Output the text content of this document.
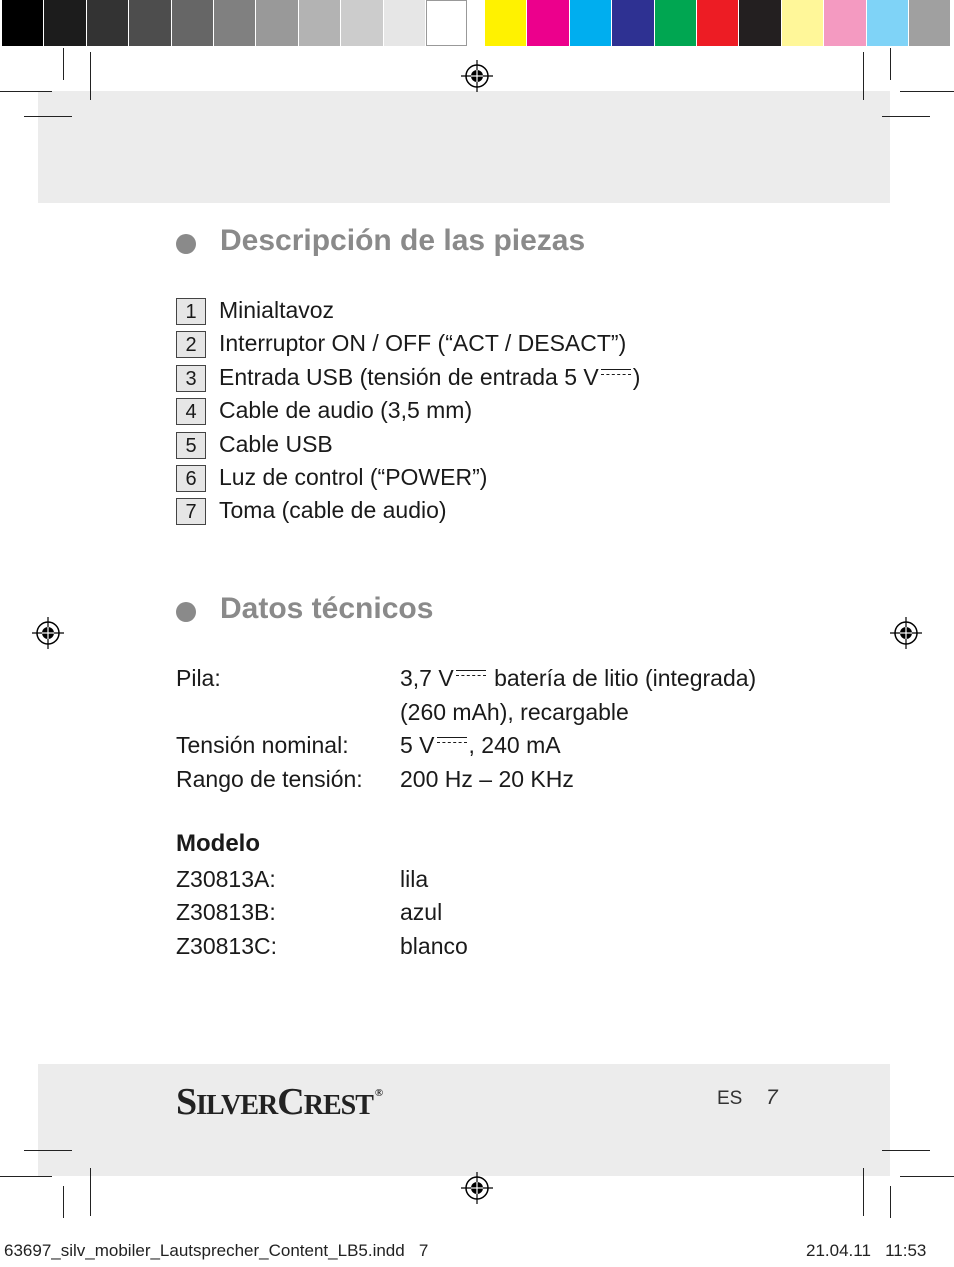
Descripción de las piezas
1 Minialtavoz
2 Interruptor ON / OFF (“ACT / DESACT”)
3 Entrada USB (tensión de entrada 5 V )
4 Cable de audio (3,5 mm)
5 Cable USB
6 Luz de control (“POWER”)
7 Toma (cable de audio)
Datos técnicos
Pila:	3,7 V batería de litio (integrada)
(260 mAh), recargable
Tensión nominal: 5 V , 240 mA
Rango de tensión: 200 Hz – 20 KHz
Modelo
Z30813A:	lila
Z30813B:	azul
Z30813C:	blanco
SILVERCREST ®	ES 7
63697_silv_mobiler_Lautsprecher_Content_LB5.indd   7	21.04.11   11:53
